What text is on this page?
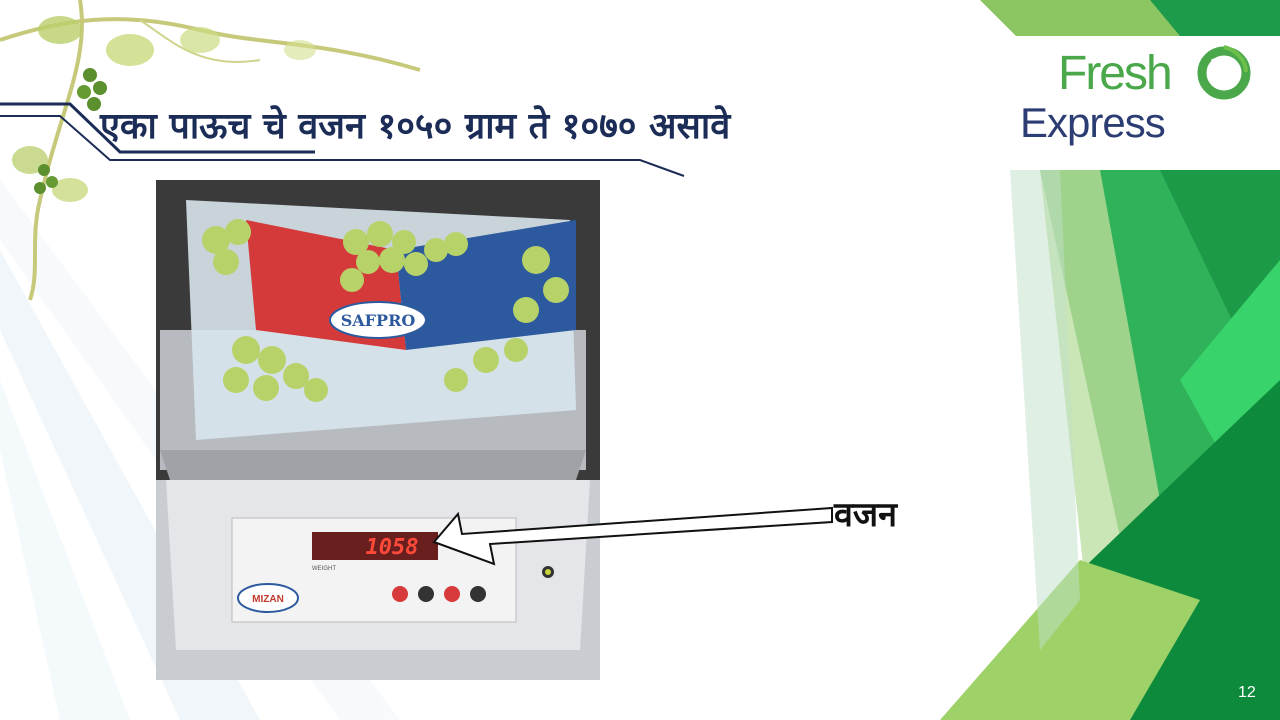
एका पाऊच चे वजन १०५० ग्राम ते १०७० असावे
Fresh
Express
SAFPRO
1058
WEIGHT
MIZAN
वजन
12
